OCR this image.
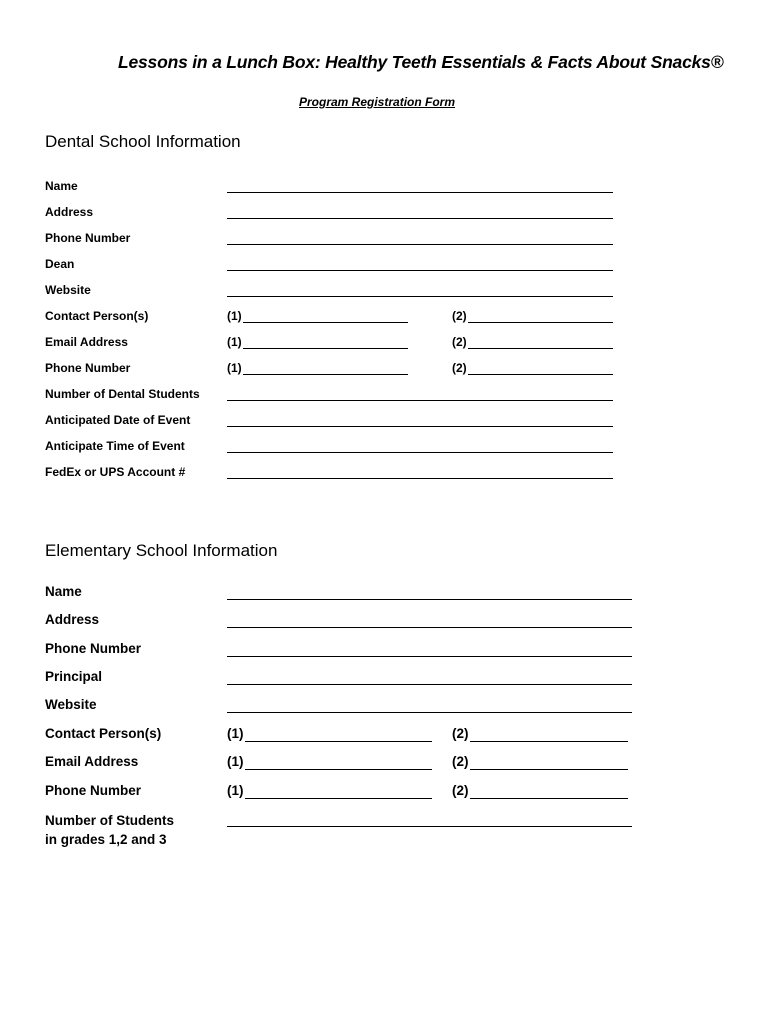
Lessons in a Lunch Box: Healthy Teeth Essentials & Facts About Snacks®
Program Registration Form
Dental School Information
Name
Address
Phone Number
Dean
Website
Contact Person(s)	(1)	(2)
Email Address	(1)	(2)
Phone Number	(1)	(2)
Number of Dental Students
Anticipated Date of Event
Anticipate Time of Event
FedEx or UPS Account #
Elementary School Information
Name
Address
Phone Number
Principal
Website
Contact Person(s)	(1)	(2)
Email Address	(1)	(2)
Phone Number	(1)	(2)
Number of Students
in grades 1,2 and 3
